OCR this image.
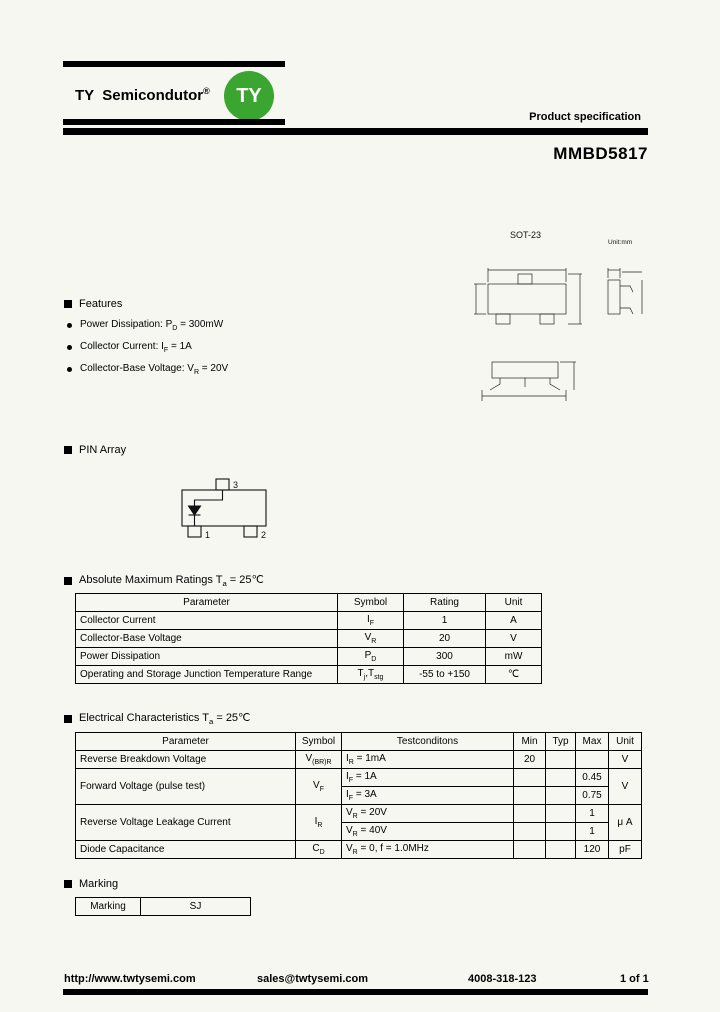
TY  Semicondutor® TY
Product specification
MMBD5817
SOT-23
Unit:mm
Features
Power Dissipation: $P_D = 300mW$
Collector Current: $I_F = 1A$
Collector-Base Voltage: $V_R = 20V$
PIN Array
3
1	2
Absolute Maximum Ratings $T_a$ = 25℃
Parameter	Symbol	Rating	Unit
Collector Current	$I_F$	1	A
Collector-Base Voltage	$V_R$	20	V
Power Dissipation	$P_D$	300	mW
Operating and Storage Junction Temperature Range	$T_j,T_{stg}$	-55 to +150	℃
Electrical Characteristics $T_a$ = 25℃
Parameter	Symbol	Testconditons	Min	Typ	Max	Unit
Reverse Breakdown Voltage	$V_{(BR)R}$	$I_R = 1mA$	20			V
Forward Voltage (pulse test)	$V_F$	$I_F = 1A$			0.45	V
		$I_F = 3A$			0.75	
Reverse Voltage Leakage Current	$I_R$	$V_R = 20V$			1	μ A
		$V_R = 40V$			1	
Diode Capacitance	$C_D$	$V_R = 0$, f = 1.0MHz			120	pF
Marking
Marking	SJ
http://www.twtysemi.com	sales@twtysemi.com	4008-318-123	1 of 1
